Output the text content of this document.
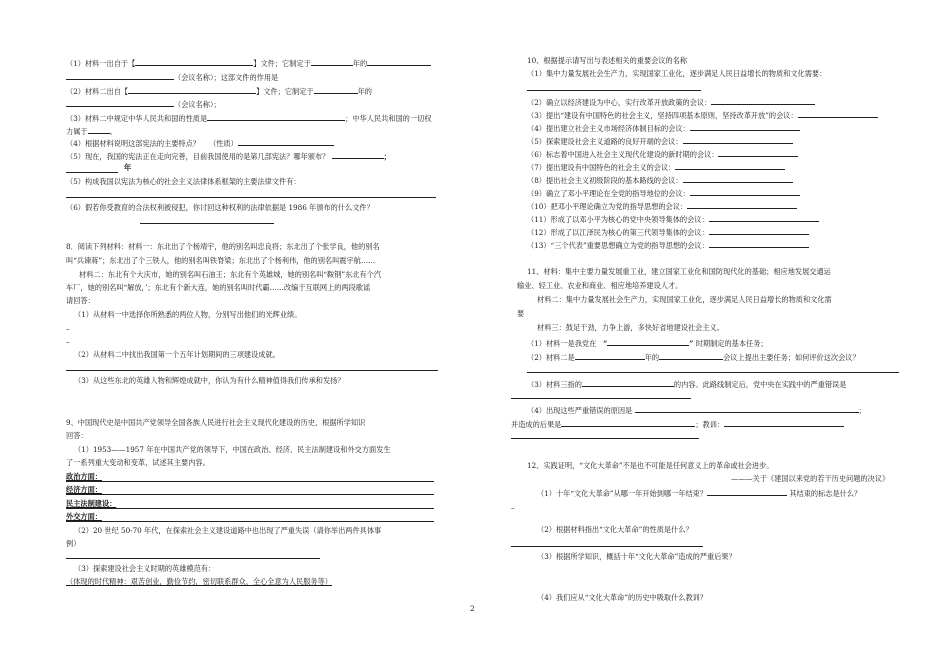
（1）材料一出自于【	】文件；它制定于	年的
（会议名称）；这部文件的作用是
（2）材料二出自【	】文件；它制定于	年的
（会议名称）；
（3）材料二中规定中华人民共和国的性质是	；中华人民共和国的一切权
力属于	。
（4）根据材料说明这部宪法的主要特点？ （性质）
（5）现在，我国的宪法正在走向完善，目前我国使用的是第几部宪法？哪年颁布？	；
年
（5）构成我国以宪法为核心的社会主义法律体系框架的主要法律文件有：
（6）假若你受教育的合法权利被侵犯，你讨回这种权利的法律依据是 1986 年颁布的什么文件？
8．阅读下列材料：材料一：东北出了个杨靖宇，他的别名叫忠良将；东北出了个张学良，他的别名
叫“兵谏蒋”；东北出了个三铁人，他的别名叫铁脊梁；东北出了个杨利伟，他的别名叫震宇航……
材料二：东北有个大庆市，她的别名叫石油王；东北有个英雄城，她的别名叫“鞍钢”东北有个汽
车厂，她的别名叫“解放，’；东北有个新大连，她的别名叫时代霸……改编于互联网上的两段歌谣
请回答：
（1）从材料一中选择你所熟悉的两位人物，分别写出他们的光辉业绩。
–
–
（2）从材料二中找出我国第一个五年计划期间的三项建设成就。
（3）从这些东北的英雄人物和辉煌成就中，你认为有什么精神值得我们传承和发扬？
9、中国现代史是中国共产党领导全国各族人民进行社会主义现代化建设的历史，根据所学知识
回答：
（1）1953——1957 年在中国共产党的领导下，中国在政治、经济、民主法制建设和外交方面发生
了一系列重大变动和变革，试述其主要内容。
政治方面：
经济方面：
民主法制建设：
外交方面：
（2）20 世纪 50-70 年代，在探索社会主义建设道路中也出现了严重失误（请你举出两件具体事
例）
（3）探索建设社会主义时期的英雄模范有：
（体现的时代精神：艰苦创业，勤俭节约，密切联系群众，全心全意为人民服务等）
10、根据提示请写出与表述相关的重要会议的名称
（1）集中力量发展社会生产力，实现国家工业化，逐步满足人民日益增长的物质和文化需要：
（2）确立以经济建设为中心，实行改革开放政策的会议：
（3）提出“建设有中国特色的社会主义，坚持四项基本原则，坚持改革开放”的会议：
（4）提出建立社会主义市场经济体制目标的会议：
（5）探索建设社会主义道路的良好开端的会议：
（6）标志着中国进入社会主义现代化建设的新时期的会议：
（7）提出建设有中国特色的社会主义的会议：
（8）提出社会主义初级阶段的基本路线的会议：
（9）确立了邓小平理论在全党的指导地位的会议：
（10）把邓小平理论确立为党的指导思想的会议：
（11）形成了以邓小平为核心的党中央领导集体的会议：
（12）形成了以江泽民为核心的第三代领导集体的会议：
（13）“三个代表”重要思想确立为党的指导思想的会议：
11、材料：集中主要力量发展重工业，建立国家工业化和国防现代化的基础；相应地发展交通运
输业、轻工业、农业和商业、相应地培养建设人才。
材料二：集中力量发展社会生产力，实现国家工业化，逐步满足人民日益增长的物质和文化需
要
材料三：鼓足干劲，力争上游，多快好省地建设社会主义。
（1）材料一是我党在 “	” 时期制定的基本任务；
（2）材料二是	年的	会议上提出主要任务；如何评价这次会议？
（3）材料三指的	的内容。此路线制定后，党中央在实践中的严重错误是
（4）出现这些严重错误的原因是	；
并造成的后果是	；教训：
12、实践证明，“文化大革命”不是也不可能是任何意义上的革命或社会进步。
———关于《建国以来党的若干历史问题的决议》
（1）十年“文化大革命”从哪一年开始到哪一年结束？	其结束的标志是什么？
–
（2）根据材料指出“文化大革命”的性质是什么？
（3）根据所学知识，概括十年“文化大革命”造成的严重后果？
（4）我们应从“文化大革命”的历史中吸取什么教训？
2
